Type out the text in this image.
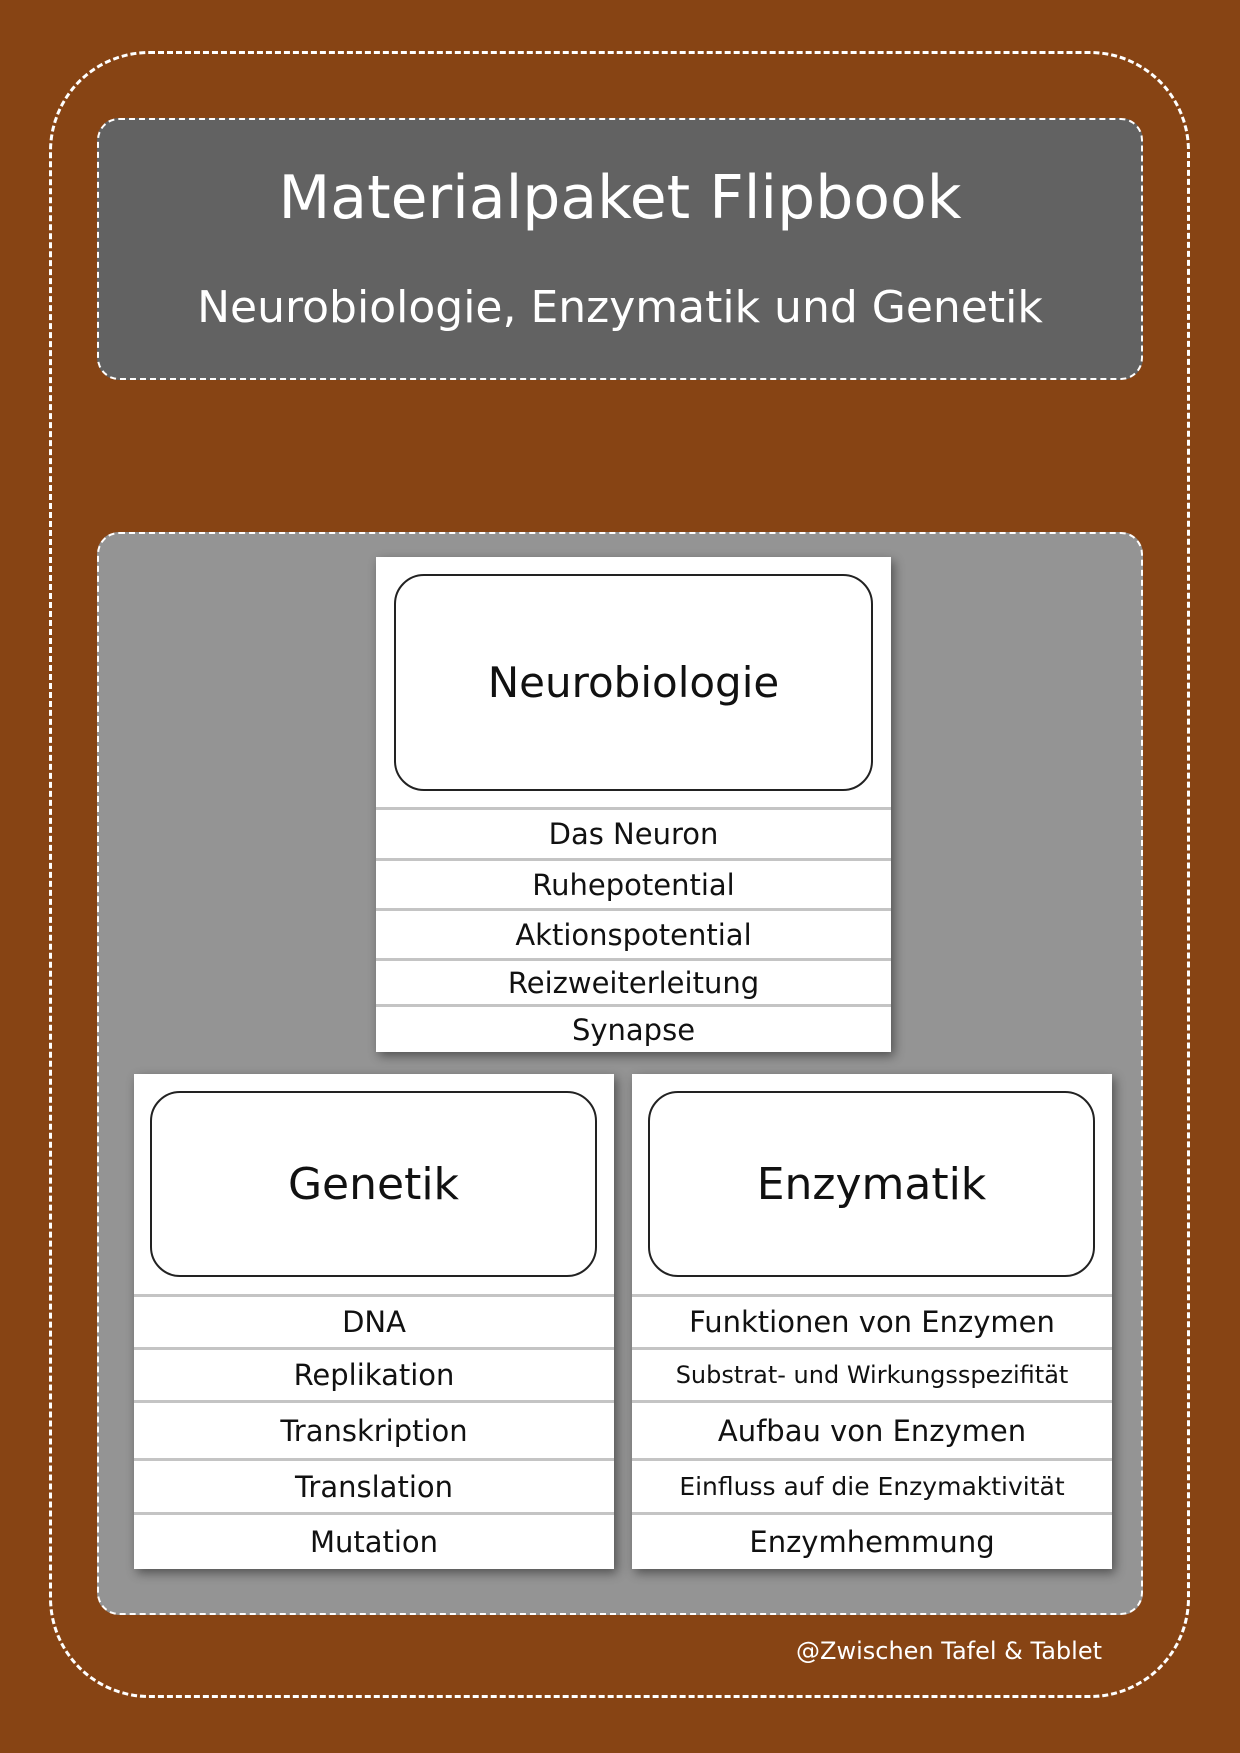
Materialpaket Flipbook
Neurobiologie, Enzymatik und Genetik
Neurobiologie
Das Neuron
Ruhepotential
Aktionspotential
Reizweiterleitung
Synapse
Genetik
DNA
Replikation
Transkription
Translation
Mutation
Enzymatik
Funktionen von Enzymen
Substrat- und Wirkungsspezifität
Aufbau von Enzymen
Einfluss auf die Enzymaktivität
Enzymhemmung
@Zwischen Tafel & Tablet
